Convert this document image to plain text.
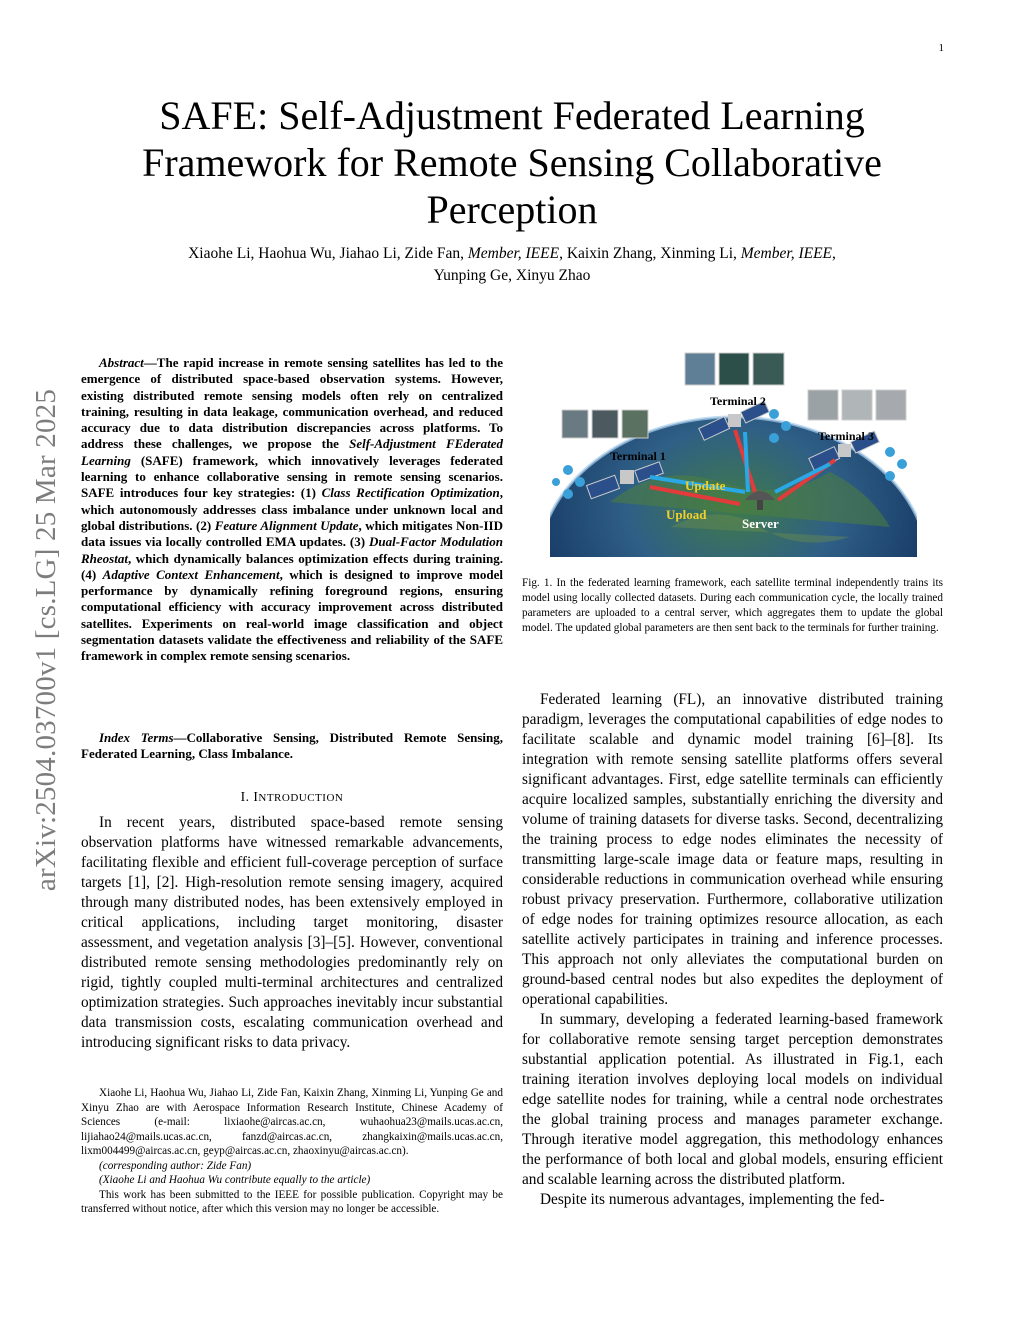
1
arXiv:2504.03700v1 [cs.LG] 25 Mar 2025
SAFE: Self-Adjustment Federated Learning Framework for Remote Sensing Collaborative Perception
Xiaohe Li, Haohua Wu, Jiahao Li, Zide Fan, Member, IEEE, Kaixin Zhang, Xinming Li, Member, IEEE,
Yunping Ge, Xinyu Zhao

Abstract—The rapid increase in remote sensing satellites has led to the emergence of distributed space-based observation systems. However, existing distributed remote sensing models often rely on centralized training, resulting in data leakage, communication overhead, and reduced accuracy due to data distribution discrepancies across platforms. To address these challenges, we propose the Self-Adjustment FEderated Learning (SAFE) framework, which innovatively leverages federated learning to enhance collaborative sensing in remote sensing scenarios. SAFE introduces four key strategies: (1) Class Rectification Optimization, which autonomously addresses class imbalance under unknown local and global distributions. (2) Feature Alignment Update, which mitigates Non-IID data issues via locally controlled EMA updates. (3) Dual-Factor Modulation Rheostat, which dynamically balances optimization effects during training. (4) Adaptive Context Enhancement, which is designed to improve model performance by dynamically refining foreground regions, ensuring computational efficiency with accuracy improvement across distributed satellites. Experiments on real-world image classification and object segmentation datasets validate the effectiveness and reliability of the SAFE framework in complex remote sensing scenarios.

Index Terms—Collaborative Sensing, Distributed Remote Sensing, Federated Learning, Class Imbalance.
I. INTRODUCTION

In recent years, distributed space-based remote sensing observation platforms have witnessed remarkable advancements, facilitating flexible and efficient full-coverage perception of surface targets [1], [2]. High-resolution remote sensing imagery, acquired through many distributed nodes, has been extensively employed in critical applications, including target monitoring, disaster assessment, and vegetation analysis [3]–[5]. However, conventional distributed remote sensing methodologies predominantly rely on rigid, tightly coupled multi-terminal architectures and centralized optimization strategies. Such approaches inevitably incur substantial data transmission costs, escalating communication overhead and introducing significant risks to data privacy.

Xiaohe Li, Haohua Wu, Jiahao Li, Zide Fan, Kaixin Zhang, Xinming Li, Yunping Ge and Xinyu Zhao are with Aerospace Information Research Institute, Chinese Academy of Sciences (e-mail: lixiaohe@aircas.ac.cn, wuhaohua23@mails.ucas.ac.cn, lijiahao24@mails.ucas.ac.cn, fanzd@aircas.ac.cn, zhangkaixin@mails.ucas.ac.cn, lixm004499@aircas.ac.cn, geyp@aircas.ac.cn, zhaoxinyu@aircas.ac.cn).

(corresponding author: Zide Fan)

(Xiaohe Li and Haohua Wu contribute equally to the article)

This work has been submitted to the IEEE for possible publication. Copyright may be transferred without notice, after which this version may no longer be accessible.

Terminal 1
Terminal 2
Terminal 3
Update
Upload
Server
Fig. 1. In the federated learning framework, each satellite terminal independently trains its model using locally collected datasets. During each communication cycle, the locally trained parameters are uploaded to a central server, which aggregates them to update the global model. The updated global parameters are then sent back to the terminals for further training.

Federated learning (FL), an innovative distributed training paradigm, leverages the computational capabilities of edge nodes to facilitate scalable and dynamic model training [6]–[8]. Its integration with remote sensing satellite platforms offers several significant advantages. First, edge satellite terminals can efficiently acquire localized samples, substantially enriching the diversity and volume of training datasets for diverse tasks. Second, decentralizing the training process to edge nodes eliminates the necessity of transmitting large-scale image data or feature maps, resulting in considerable reductions in communication overhead while ensuring robust privacy preservation. Furthermore, collaborative utilization of edge nodes for training optimizes resource allocation, as each satellite actively participates in training and inference processes. This approach not only alleviates the computational burden on ground-based central nodes but also expedites the deployment of operational capabilities.

In summary, developing a federated learning-based framework for collaborative remote sensing target perception demonstrates substantial application potential. As illustrated in Fig.1, each training iteration involves deploying local models on individual edge satellite nodes for training, while a central node orchestrates the global training process and manages parameter exchange. Through iterative model aggregation, this methodology enhances the performance of both local and global models, ensuring efficient and scalable learning across the distributed platform.

Despite its numerous advantages, implementing the fed-
